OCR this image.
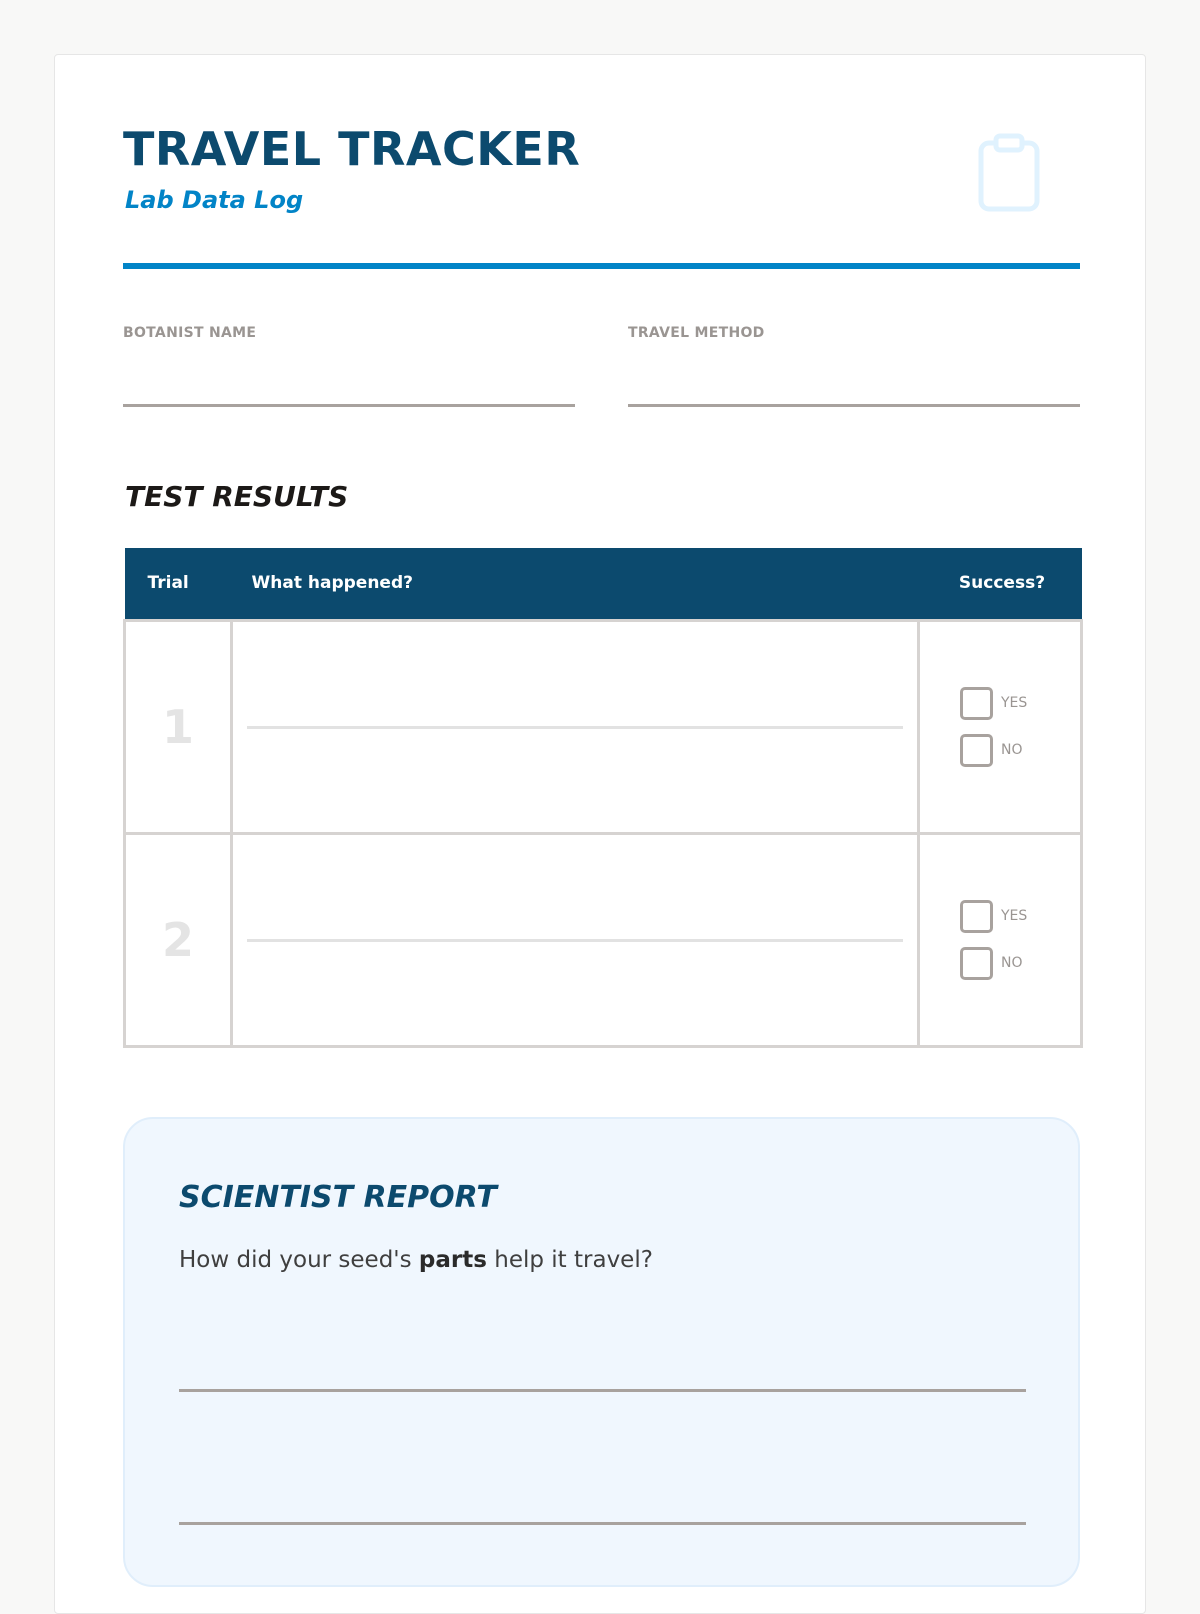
TRAVEL TRACKER
Lab Data Log
BOTANIST NAME	TRAVEL METHOD
TEST RESULTS
Trial	What happened?	Success?
1		YES
NO

2		YES
NO
SCIENTIST REPORT
How did your seed's parts help it travel?
